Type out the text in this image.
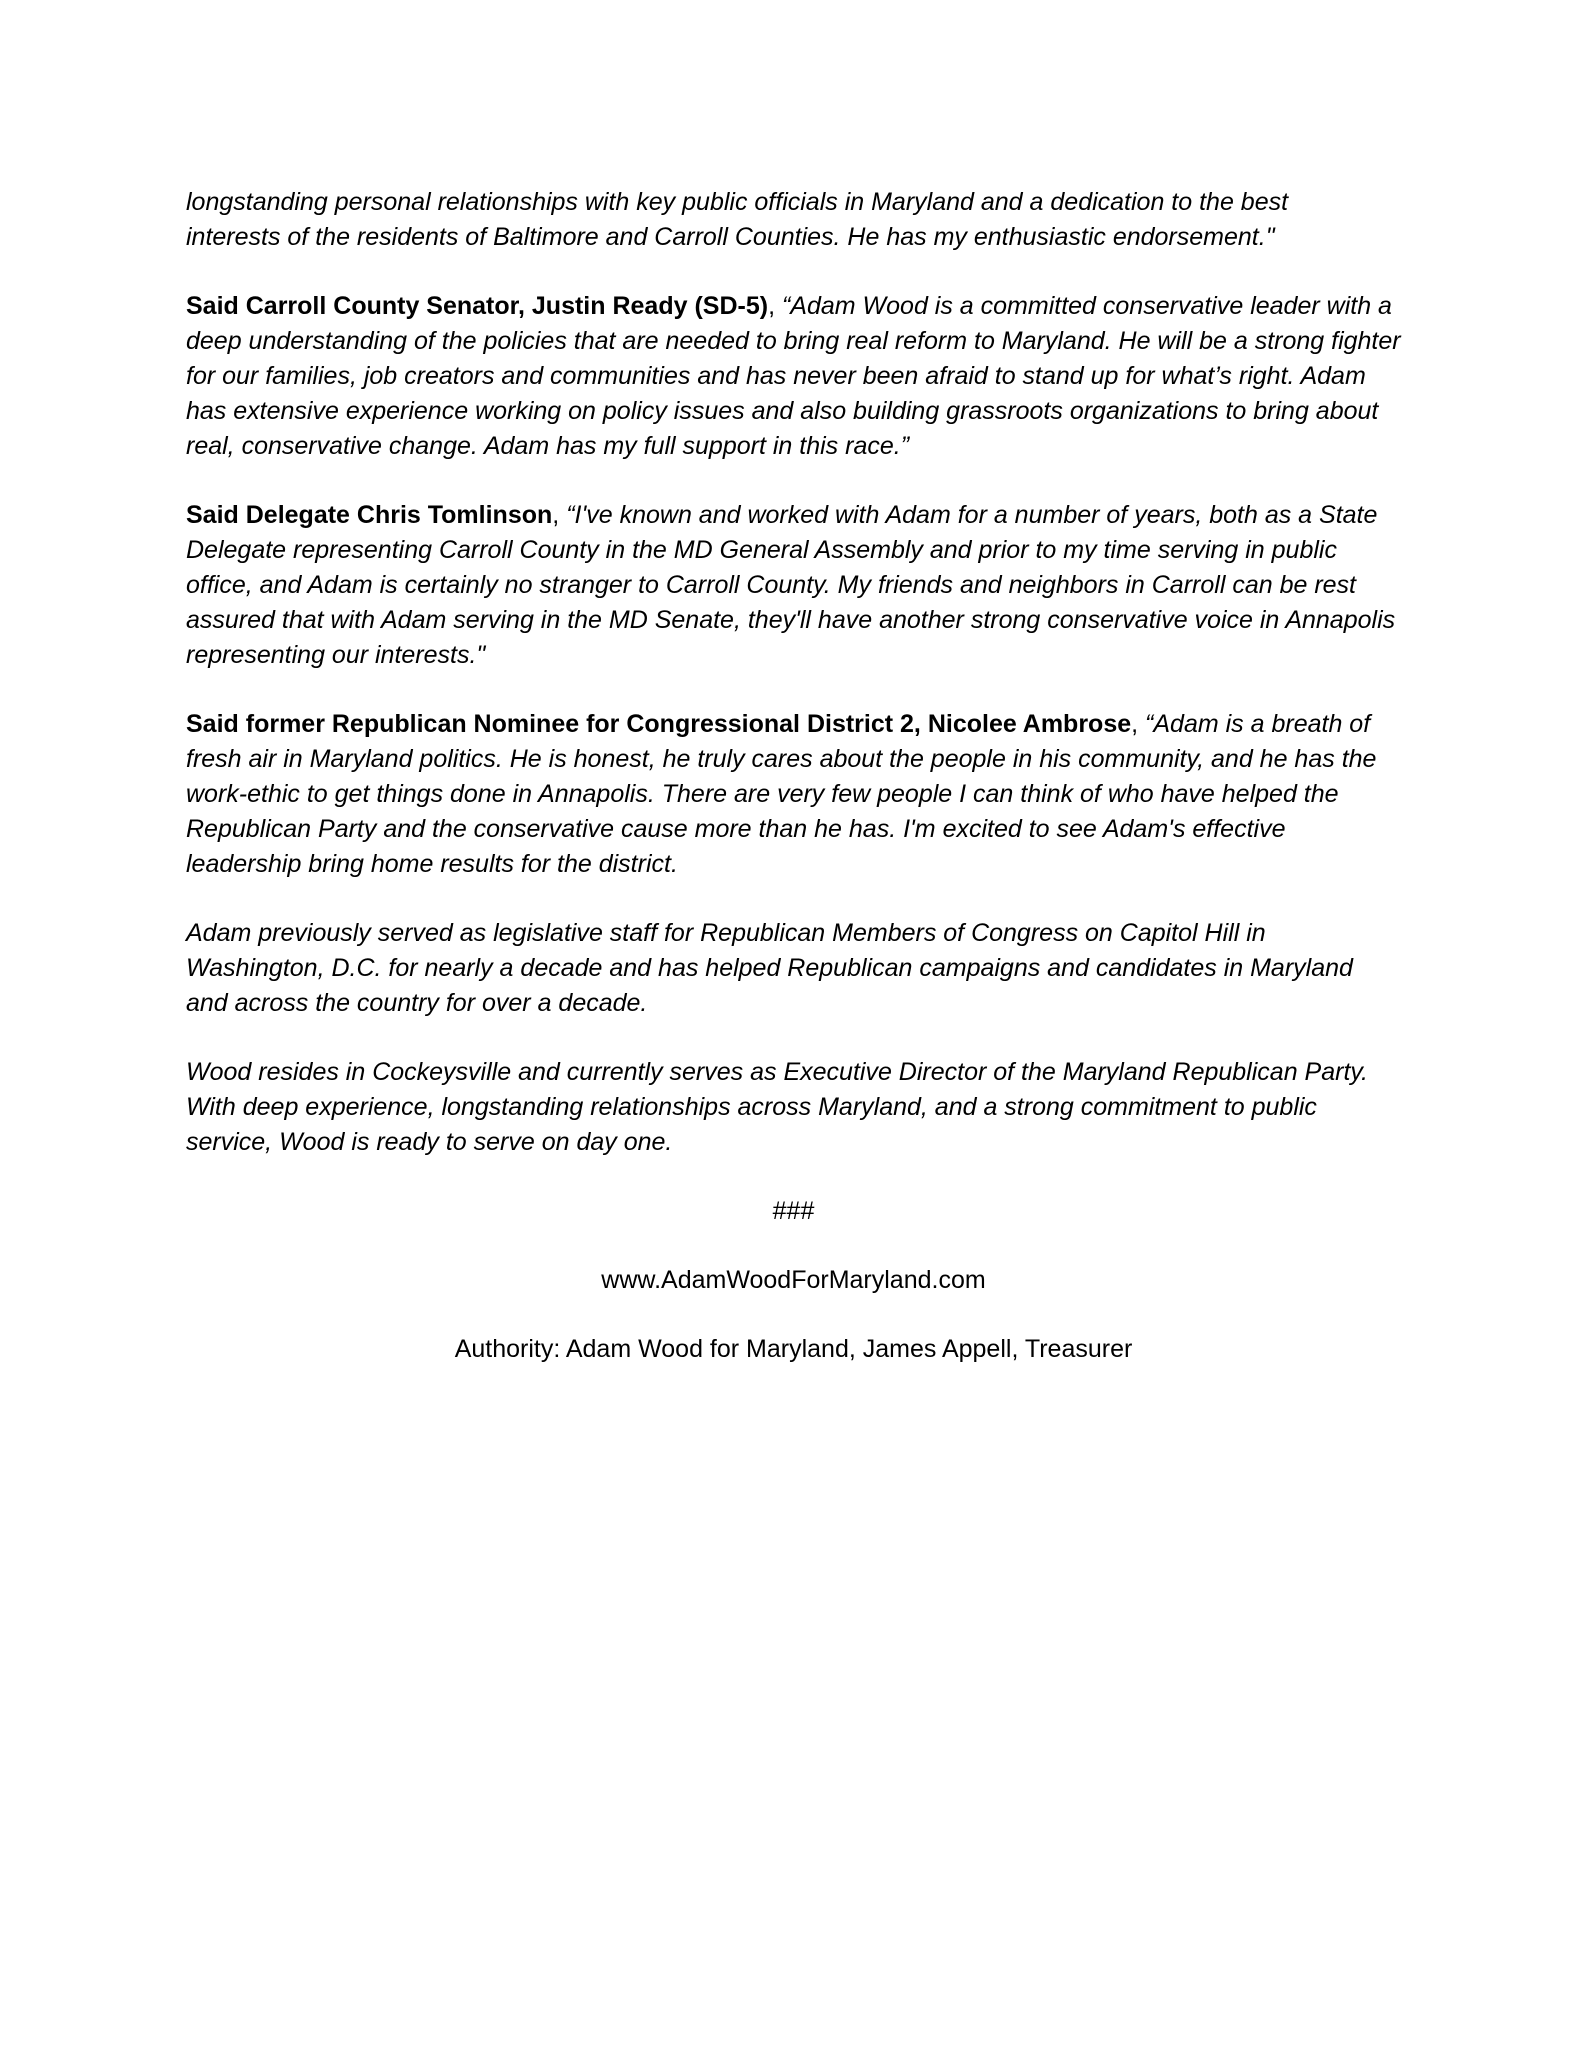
longstanding personal relationships with key public officials in Maryland and a dedication to the best
interests of the residents of Baltimore and Carroll Counties. He has my enthusiastic endorsement."

Said Carroll County Senator, Justin Ready (SD-5), “Adam Wood is a committed conservative leader with a deep understanding of the policies that are needed to bring real reform to Maryland. He will be a strong fighter for our families, job creators and communities and has never been afraid to stand up for what’s right. Adam has extensive experience working on policy issues and also building grassroots organizations to bring about real, conservative change. Adam has my full support in this race.”

Said Delegate Chris Tomlinson, “I've known and worked with Adam for a number of years, both as a State Delegate representing Carroll County in the MD General Assembly and prior to my time serving in public office, and Adam is certainly no stranger to Carroll County. My friends and neighbors in Carroll can be rest assured that with Adam serving in the MD Senate, they'll have another strong conservative voice in Annapolis representing our interests."

Said former Republican Nominee for Congressional District 2, Nicolee Ambrose, “Adam is a breath of fresh air in Maryland politics. He is honest, he truly cares about the people in his community, and he has the work-ethic to get things done in Annapolis. There are very few people I can think of who have helped the Republican Party and the conservative cause more than he has. I'm excited to see Adam's effective leadership bring home results for the district.

Adam previously served as legislative staff for Republican Members of Congress on Capitol Hill in Washington, D.C. for nearly a decade and has helped Republican campaigns and candidates in Maryland and across the country for over a decade.

Wood resides in Cockeysville and currently serves as Executive Director of the Maryland Republican Party. With deep experience, longstanding relationships across Maryland, and a strong commitment to public service, Wood is ready to serve on day one.

###

www.AdamWoodForMaryland.com

Authority: Adam Wood for Maryland, James Appell, Treasurer
